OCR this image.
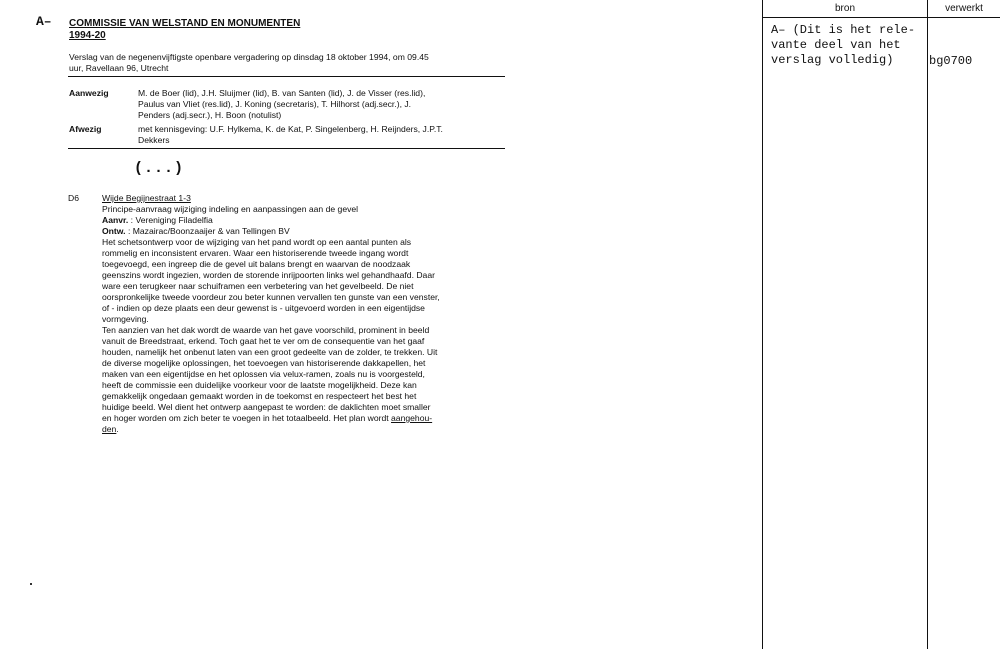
A– COMMISSIE VAN WELSTAND EN MONUMENTEN
1994-20
Verslag van de negenenvijftigste openbare vergadering op dinsdag 18 oktober 1994, om 09.45
uur, Ravellaan 96, Utrecht
Aanwezig	M. de Boer (lid), J.H. Sluijmer (lid), B. van Santen (lid), J. de Visser (res.lid),
Paulus van Vliet (res.lid), J. Koning (secretaris), T. Hilhorst (adj.secr.), J.
Penders (adj.secr.), H. Boon (notulist)
Afwezig	met kennisgeving: U.F. Hylkema, K. de Kat, P. Singelenberg, H. Reijnders, J.P.T.
Dekkers
(...)
D6	Wijde Begijnestraat 1-3
Principe-aanvraag wijziging indeling en aanpassingen aan de gevel
Aanvr. : Vereniging Filadelfia
Ontw. : Mazairac/Boonzaaijer & van Tellingen BV
Het schetsontwerp voor de wijziging van het pand wordt op een aantal punten als
rommelig en inconsistent ervaren. Waar een historiserende tweede ingang wordt
toegevoegd, een ingreep die de gevel uit balans brengt en waarvan de noodzaak
geenszins wordt ingezien, worden de storende inrijpoorten links wel gehandhaafd. Daar
ware een terugkeer naar schuiframen een verbetering van het gevelbeeld. De niet
oorspronkelijke tweede voordeur zou beter kunnen vervallen ten gunste van een venster,
of - indien op deze plaats een deur gewenst is - uitgevoerd worden in een eigentijdse
vormgeving.
Ten aanzien van het dak wordt de waarde van het gave voorschild, prominent in beeld
vanuit de Breedstraat, erkend. Toch gaat het te ver om de consequentie van het gaaf
houden, namelijk het onbenut laten van een groot gedeelte van de zolder, te trekken. Uit
de diverse mogelijke oplossingen, het toevoegen van historiserende dakkapellen, het
maken van een eigentijdse en het oplossen via velux-ramen, zoals nu is voorgesteld,
heeft de commissie een duidelijke voorkeur voor de laatste mogelijkheid. Deze kan
gemakkelijk ongedaan gemaakt worden in de toekomst en respecteert het best het
huidige beeld. Wel dient het ontwerp aangepast te worden: de daklichten moet smaller
en hoger worden om zich beter te voegen in het totaalbeeld. Het plan wordt aangehou-
den.
bron	verwerkt
A– (Dit is het rele-
vante deel van het
verslag volledig)	bg0700
